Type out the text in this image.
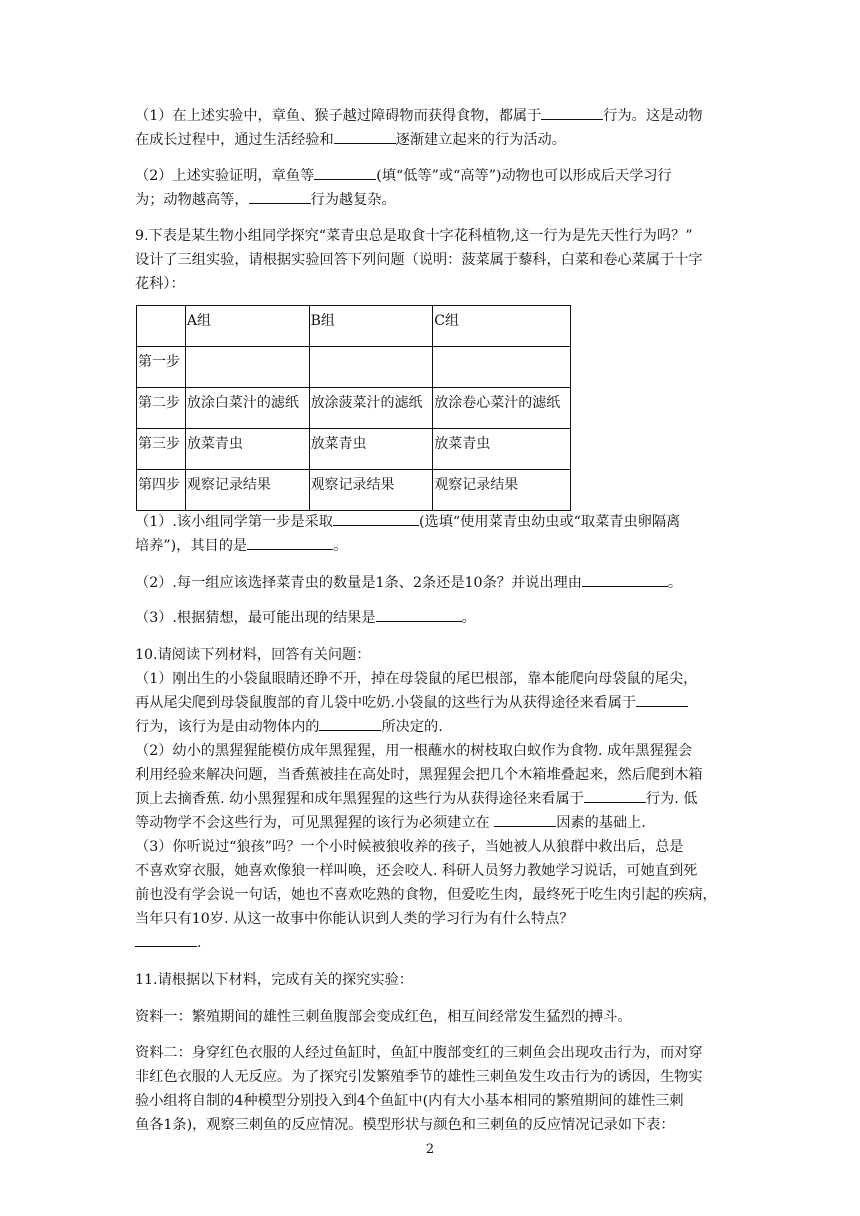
（1）在上述实验中，章鱼、猴子越过障碍物而获得食物，都属于	行为。这是动物
在成长过程中，通过生活经验和	逐渐建立起来的行为活动。
（2）上述实验证明，章鱼等	(填“低等”或“高等”)动物也可以形成后天学习行
为；动物越高等，	行为越复杂。
9.下表是某生物小组同学探究“菜青虫总是取食十字花科植物,这一行为是先天性行为吗？”
设计了三组实验，请根据实验回答下列问题（说明：菠菜属于藜科，白菜和卷心菜属于十字
花科）：
	A组	B组	C组
第一步			
第二步	放涂白菜汁的滤纸	放涂菠菜汁的滤纸	放涂卷心菜汁的滤纸
第三步	放菜青虫	放菜青虫	放菜青虫
第四步	观察记录结果	观察记录结果	观察记录结果
（1）.该小组同学第一步是采取	(选填“使用菜青虫幼虫或“取菜青虫卵隔离
培养”)，其目的是	。
（2）.每一组应该选择菜青虫的数量是1条、2条还是10条？并说出理由	。
（3）.根据猜想，最可能出现的结果是	。
10.请阅读下列材料，回答有关问题：
（1）刚出生的小袋鼠眼睛还睁不开，掉在母袋鼠的尾巴根部，靠本能爬向母袋鼠的尾尖，
再从尾尖爬到母袋鼠腹部的育儿袋中吃奶.小袋鼠的这些行为从获得途径来看属于
行为，该行为是由动物体内的	所决定的.
（2）幼小的黑猩猩能模仿成年黑猩猩，用一根蘸水的树枝取白蚁作为食物. 成年黑猩猩会
利用经验来解决问题，当香蕉被挂在高处时，黑猩猩会把几个木箱堆叠起来，然后爬到木箱
顶上去摘香蕉. 幼小黑猩猩和成年黑猩猩的这些行为从获得途径来看属于	行为. 低
等动物学不会这些行为，可见黑猩猩的该行为必须建立在	因素的基础上.
（3）你听说过“狼孩”吗？一个小时候被狼收养的孩子，当她被人从狼群中救出后，总是
不喜欢穿衣服，她喜欢像狼一样叫唤，还会咬人. 科研人员努力教她学习说话，可她直到死
前也没有学会说一句话，她也不喜欢吃熟的食物，但爱吃生肉，最终死于吃生肉引起的疾病，
当年只有10岁. 从这一故事中你能认识到人类的学习行为有什么特点？
.
11.请根据以下材料，完成有关的探究实验：
资料一：繁殖期间的雄性三刺鱼腹部会变成红色，相互间经常发生猛烈的搏斗。
资料二：身穿红色衣服的人经过鱼缸时，鱼缸中腹部变红的三刺鱼会出现攻击行为，而对穿
非红色衣服的人无反应。为了探究引发繁殖季节的雄性三刺鱼发生攻击行为的诱因，生物实
验小组将自制的4种模型分别投入到4个鱼缸中(内有大小基本相同的繁殖期间的雄性三刺
鱼各1条)，观察三刺鱼的反应情况。模型形状与颜色和三刺鱼的反应情况记录如下表：
2
